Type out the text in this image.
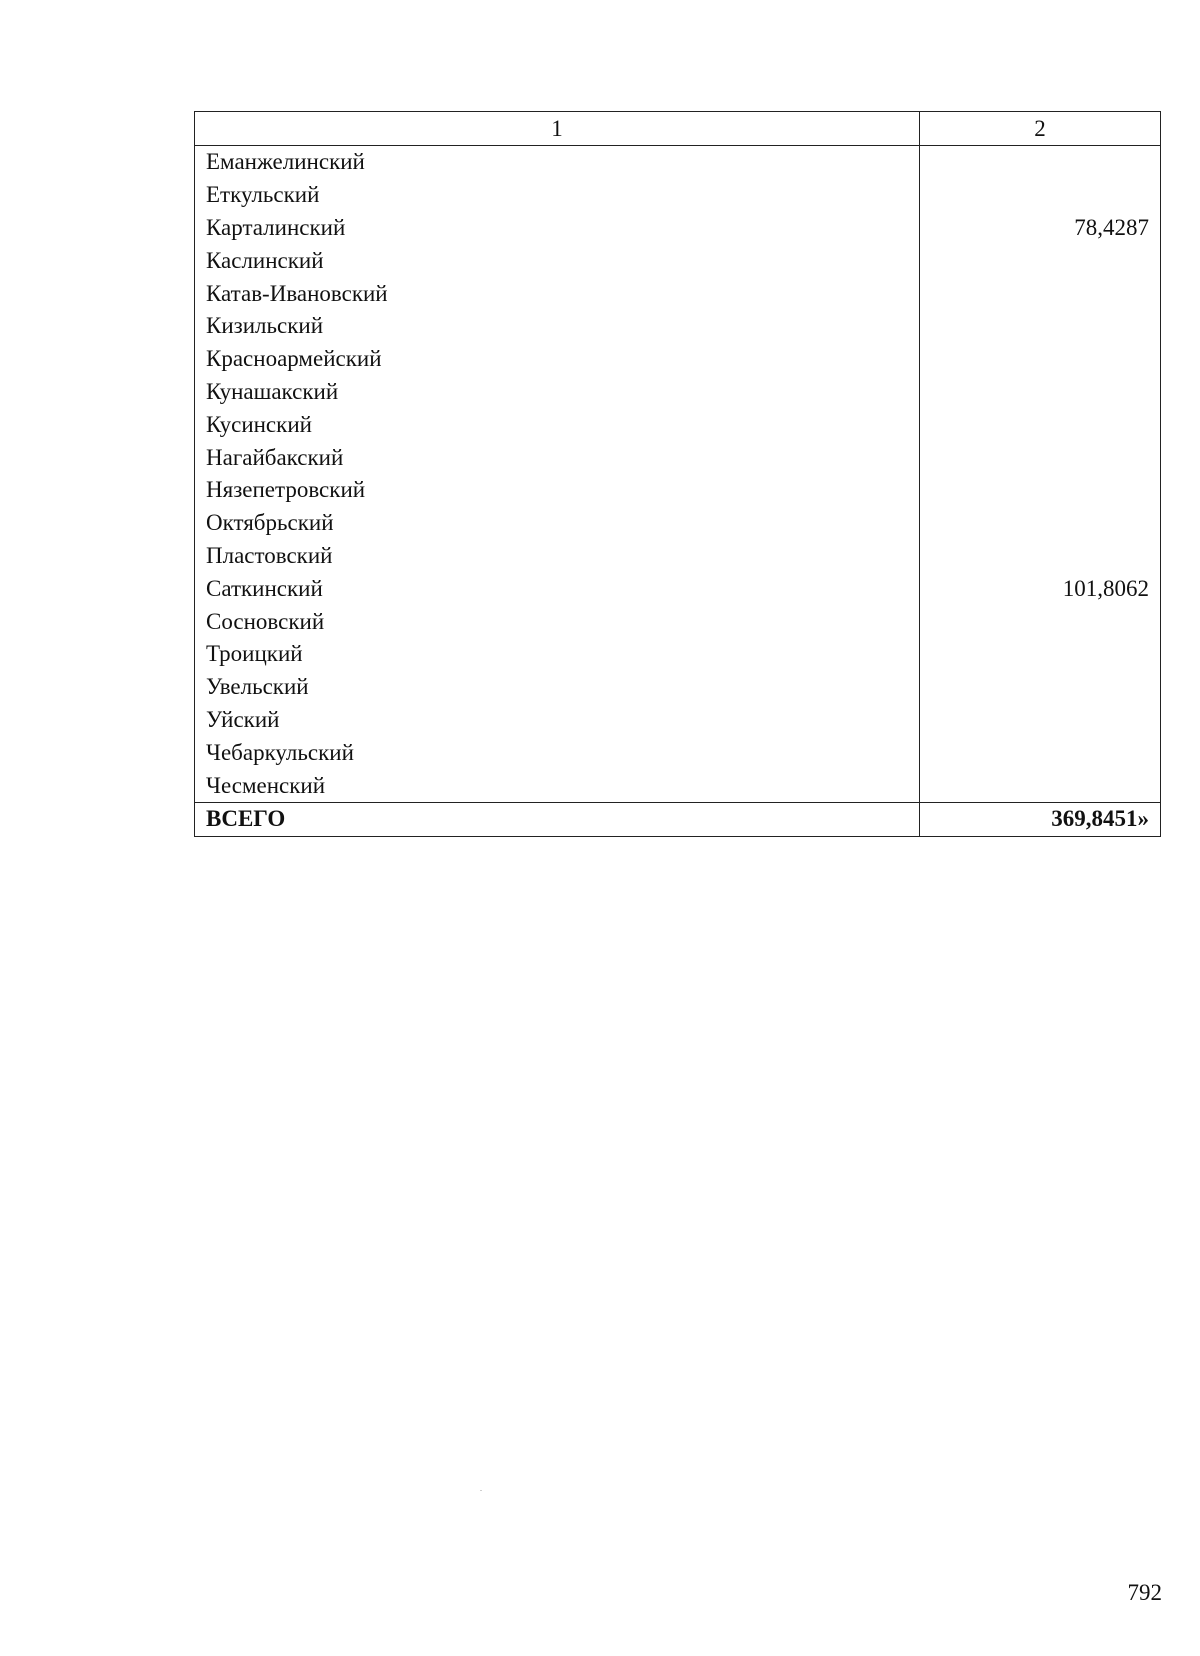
1	2
Еманжелинский	
Еткульский	
Карталинский	78,4287
Каслинский	
Катав-Ивановский	
Кизильский	
Красноармейский	
Кунашакский	
Кусинский	
Нагайбакский	
Нязепетровский	
Октябрьский	
Пластовский	
Саткинский	101,8062
Сосновский	
Троицкий	
Увельский	
Уйский	
Чебаркульский	
Чесменский	
ВСЕГО	369,8451»
792
